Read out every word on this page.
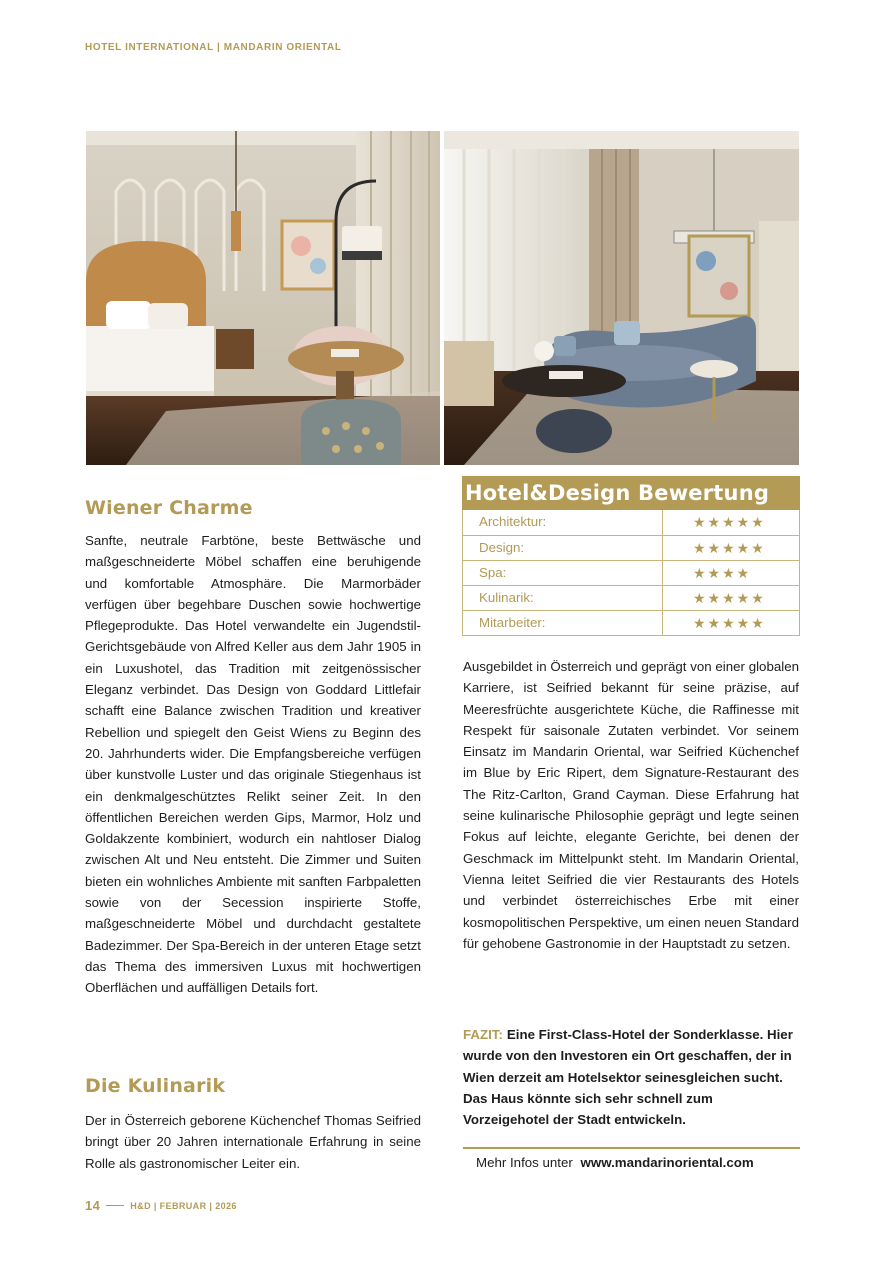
HOTEL INTERNATIONAL | MANDARIN ORIENTAL
Wiener Charme

Sanfte, neutrale Farbtöne, beste Bettwäsche und maßgeschneiderte Möbel schaffen eine beruhigende und komfortable Atmosphäre. Die Marmorbäder verfügen über begehbare Duschen sowie hochwertige Pflegeprodukte. Das Hotel verwandelte ein Jugendstil- Gerichtsgebäude von Alfred Keller aus dem Jahr 1905 in ein Luxushotel, das Tradition mit zeitgenössischer Eleganz verbindet. Das Design von Goddard Littlefair schafft eine Balance zwischen Tradition und kreativer Rebellion und spiegelt den Geist Wiens zu Beginn des 20. Jahrhunderts wider. Die Empfangsbereiche verfügen über kunstvolle Luster und das originale Stiegenhaus ist ein denkmalgeschütztes Relikt seiner Zeit. In den öffentlichen Bereichen werden Gips, Marmor, Holz und Goldakzente kombiniert, wodurch ein nahtloser Dialog zwischen Alt und Neu entsteht. Die Zimmer und Suiten bieten ein wohnliches Ambiente mit sanften Farbpaletten sowie von der Secession inspirierte Stoffe, maßgeschneiderte Möbel und durchdacht gestaltete Badezimmer. Der Spa-Bereich in der unteren Etage setzt das Thema des immersiven Luxus mit hochwertigen Oberflächen und auffälligen Details fort.

Die Kulinarik

Der in Österreich geborene Küchenchef Thomas Seifried bringt über 20 Jahren internationale Erfahrung in seine Rolle als gastronomischer Leiter ein.

Hotel&Design Bewertung
Architektur:	★★★★★
Design:	★★★★★
Spa:	★★★★
Kulinarik:	★★★★★
Mitarbeiter:	★★★★★

Ausgebildet in Österreich und geprägt von einer globalen Karriere, ist Seifried bekannt für seine präzise, auf Meeresfrüchte ausgerichtete Küche, die Raffinesse mit Respekt für saisonale Zutaten verbindet. Vor seinem Einsatz im Mandarin Oriental, war Seifried Küchenchef im Blue by Eric Ripert, dem Signature-Restaurant des The Ritz-Carlton, Grand Cayman. Diese Erfahrung hat seine kulinarische Philosophie geprägt und legte seinen Fokus auf leichte, elegante Gerichte, bei denen der Geschmack im Mittelpunkt steht. Im Mandarin Oriental, Vienna leitet Seifried die vier Restaurants des Hotels und verbindet österreichisches Erbe mit einer kosmopolitischen Perspektive, um einen neuen Standard für gehobene Gastronomie in der Hauptstadt zu setzen.

FAZIT: Eine First-Class-Hotel der Sonderklasse. Hier wurde von den Investoren ein Ort geschaffen, der in Wien derzeit am Hotelsektor seinesgleichen sucht. Das Haus könnte sich sehr schnell zum Vorzeigehotel der Stadt entwickeln.

Mehr Infos unter www.mandarinoriental.com
14	H&D | FEBRUAR | 2026
